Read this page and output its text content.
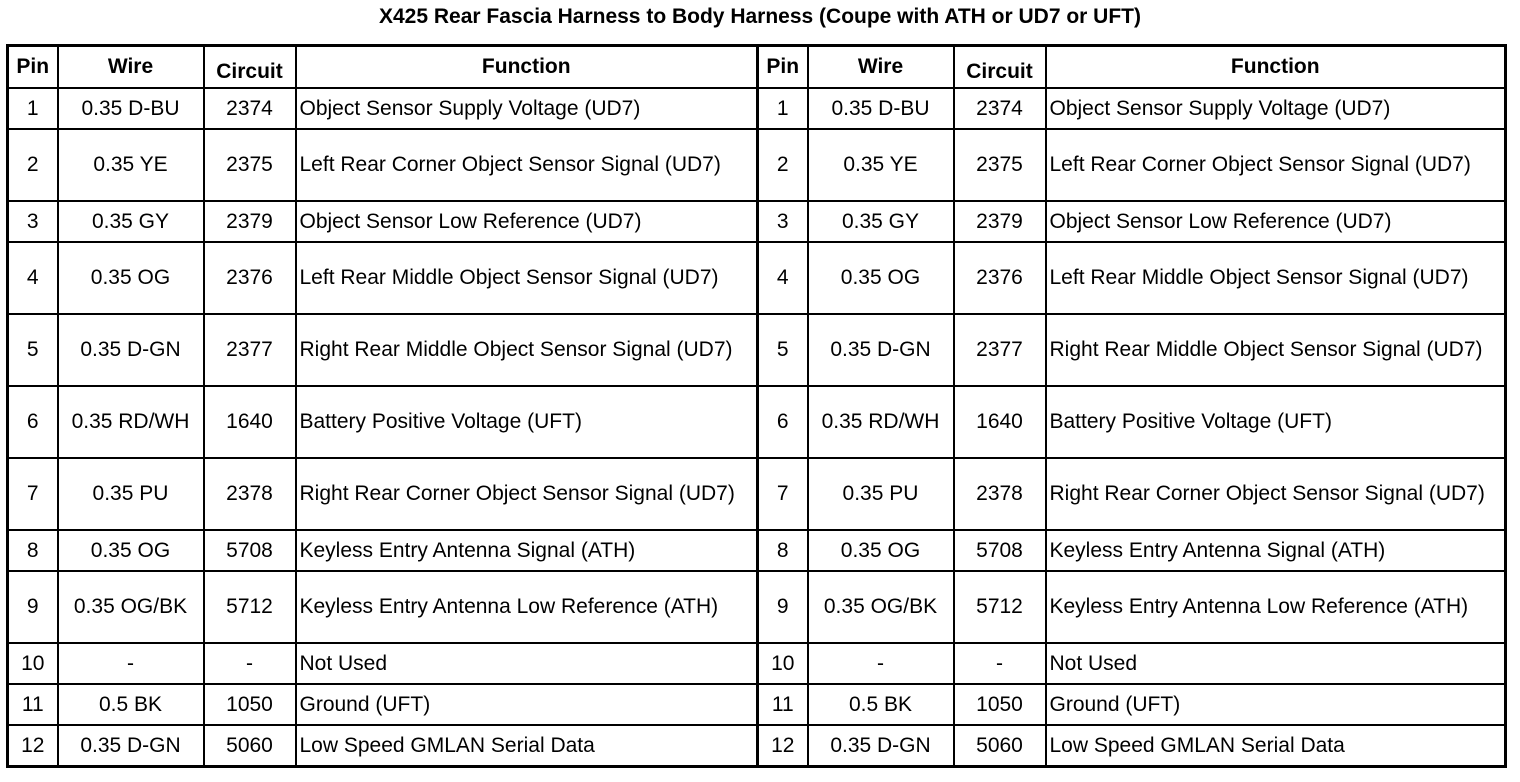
X425 Rear Fascia Harness to Body Harness (Coupe with ATH or UD7 or UFT)
Pin	Wire	Circuit	Function	Pin	Wire	Circuit	Function
1	0.35 D-BU	2374	Object Sensor Supply Voltage (UD7)	1	0.35 D-BU	2374	Object Sensor Supply Voltage (UD7)
2	0.35 YE	2375	Left Rear Corner Object Sensor Signal (UD7)	2	0.35 YE	2375	Left Rear Corner Object Sensor Signal (UD7)
3	0.35 GY	2379	Object Sensor Low Reference (UD7)	3	0.35 GY	2379	Object Sensor Low Reference (UD7)
4	0.35 OG	2376	Left Rear Middle Object Sensor Signal (UD7)	4	0.35 OG	2376	Left Rear Middle Object Sensor Signal (UD7)
5	0.35 D-GN	2377	Right Rear Middle Object Sensor Signal (UD7)	5	0.35 D-GN	2377	Right Rear Middle Object Sensor Signal (UD7)
6	0.35 RD/WH	1640	Battery Positive Voltage (UFT)	6	0.35 RD/WH	1640	Battery Positive Voltage (UFT)
7	0.35 PU	2378	Right Rear Corner Object Sensor Signal (UD7)	7	0.35 PU	2378	Right Rear Corner Object Sensor Signal (UD7)
8	0.35 OG	5708	Keyless Entry Antenna Signal (ATH)	8	0.35 OG	5708	Keyless Entry Antenna Signal (ATH)
9	0.35 OG/BK	5712	Keyless Entry Antenna Low Reference (ATH)	9	0.35 OG/BK	5712	Keyless Entry Antenna Low Reference (ATH)
10	-	-	Not Used	10	-	-	Not Used
11	0.5 BK	1050	Ground (UFT)	11	0.5 BK	1050	Ground (UFT)
12	0.35 D-GN	5060	Low Speed GMLAN Serial Data	12	0.35 D-GN	5060	Low Speed GMLAN Serial Data
